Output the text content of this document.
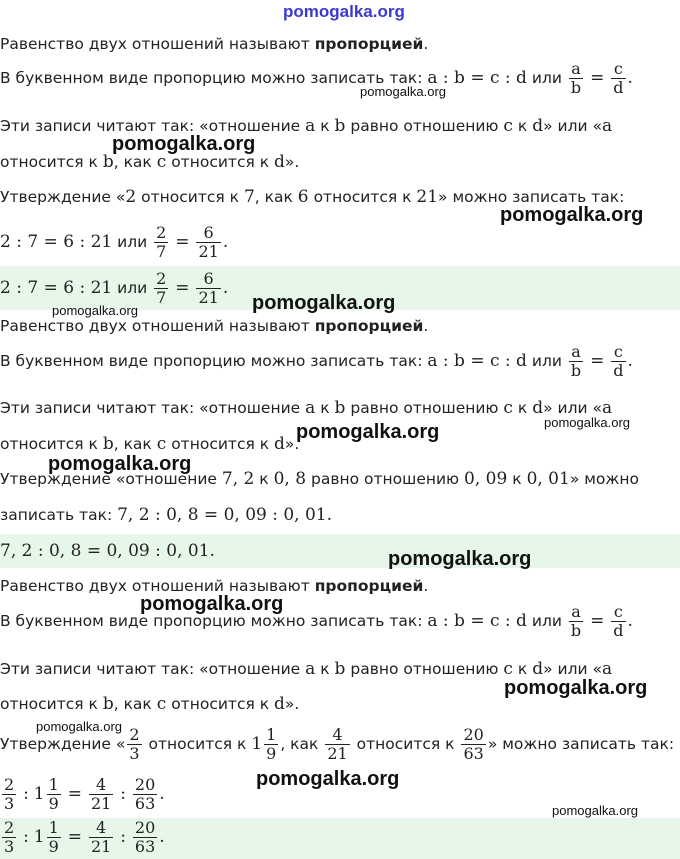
pomogalka.org
Равенство двух отношений называют пропорцией.
В буквенном виде пропорцию можно записать так: a : b = c : d или $\frac{a}{b} = \frac{c}{d}$ .
Эти записи читают так: «отношение a к b равно отношению c к d» или «a
относится к b, как c относится к d».
Утверждение «2 относится к 7, как 6 относится к 21» можно записать так:
2 : 7 = 6 : 21 или $\frac{2}{7} = \frac{6}{21}$ .
2 : 7 = 6 : 21 или $\frac{2}{7} = \frac{6}{21}$ .
Равенство двух отношений называют пропорцией.
В буквенном виде пропорцию можно записать так: a : b = c : d или $\frac{a}{b} = \frac{c}{d}$ .
Эти записи читают так: «отношение a к b равно отношению c к d» или «a
относится к b, как c относится к d».
Утверждение «отношение 7, 2 к 0, 8 равно отношению 0, 09 к 0, 01» можно
записать так: 7, 2 : 0, 8 = 0, 09 : 0, 01.
7, 2 : 0, 8 = 0, 09 : 0, 01.
Равенство двух отношений называют пропорцией.
В буквенном виде пропорцию можно записать так: a : b = c : d или $\frac{a}{b} = \frac{c}{d}$ .
Эти записи читают так: «отношение a к b равно отношению c к d» или «a
относится к b, как c относится к d».
Утверждение « $\frac{2}{3}$ относится к $1 \frac{1}{9}$ , как $\frac{4}{21}$ относится к $\frac{20}{63}$ » можно записать так:
$\frac{2}{3}$ : $1 \frac{1}{9} = \frac{4}{21}$ : $\frac{20}{63}$ .
$\frac{2}{3}$ : $1 \frac{1}{9} = \frac{4}{21}$ : $\frac{20}{63}$ .
pomogalka.org
pomogalka.org
pomogalka.org
pomogalka.org
pomogalka.org
pomogalka.org	pomogalka.org
pomogalka.org
pomogalka.org
pomogalka.org
pomogalka.org
pomogalka.org
pomogalka.org
pomogalka.org
